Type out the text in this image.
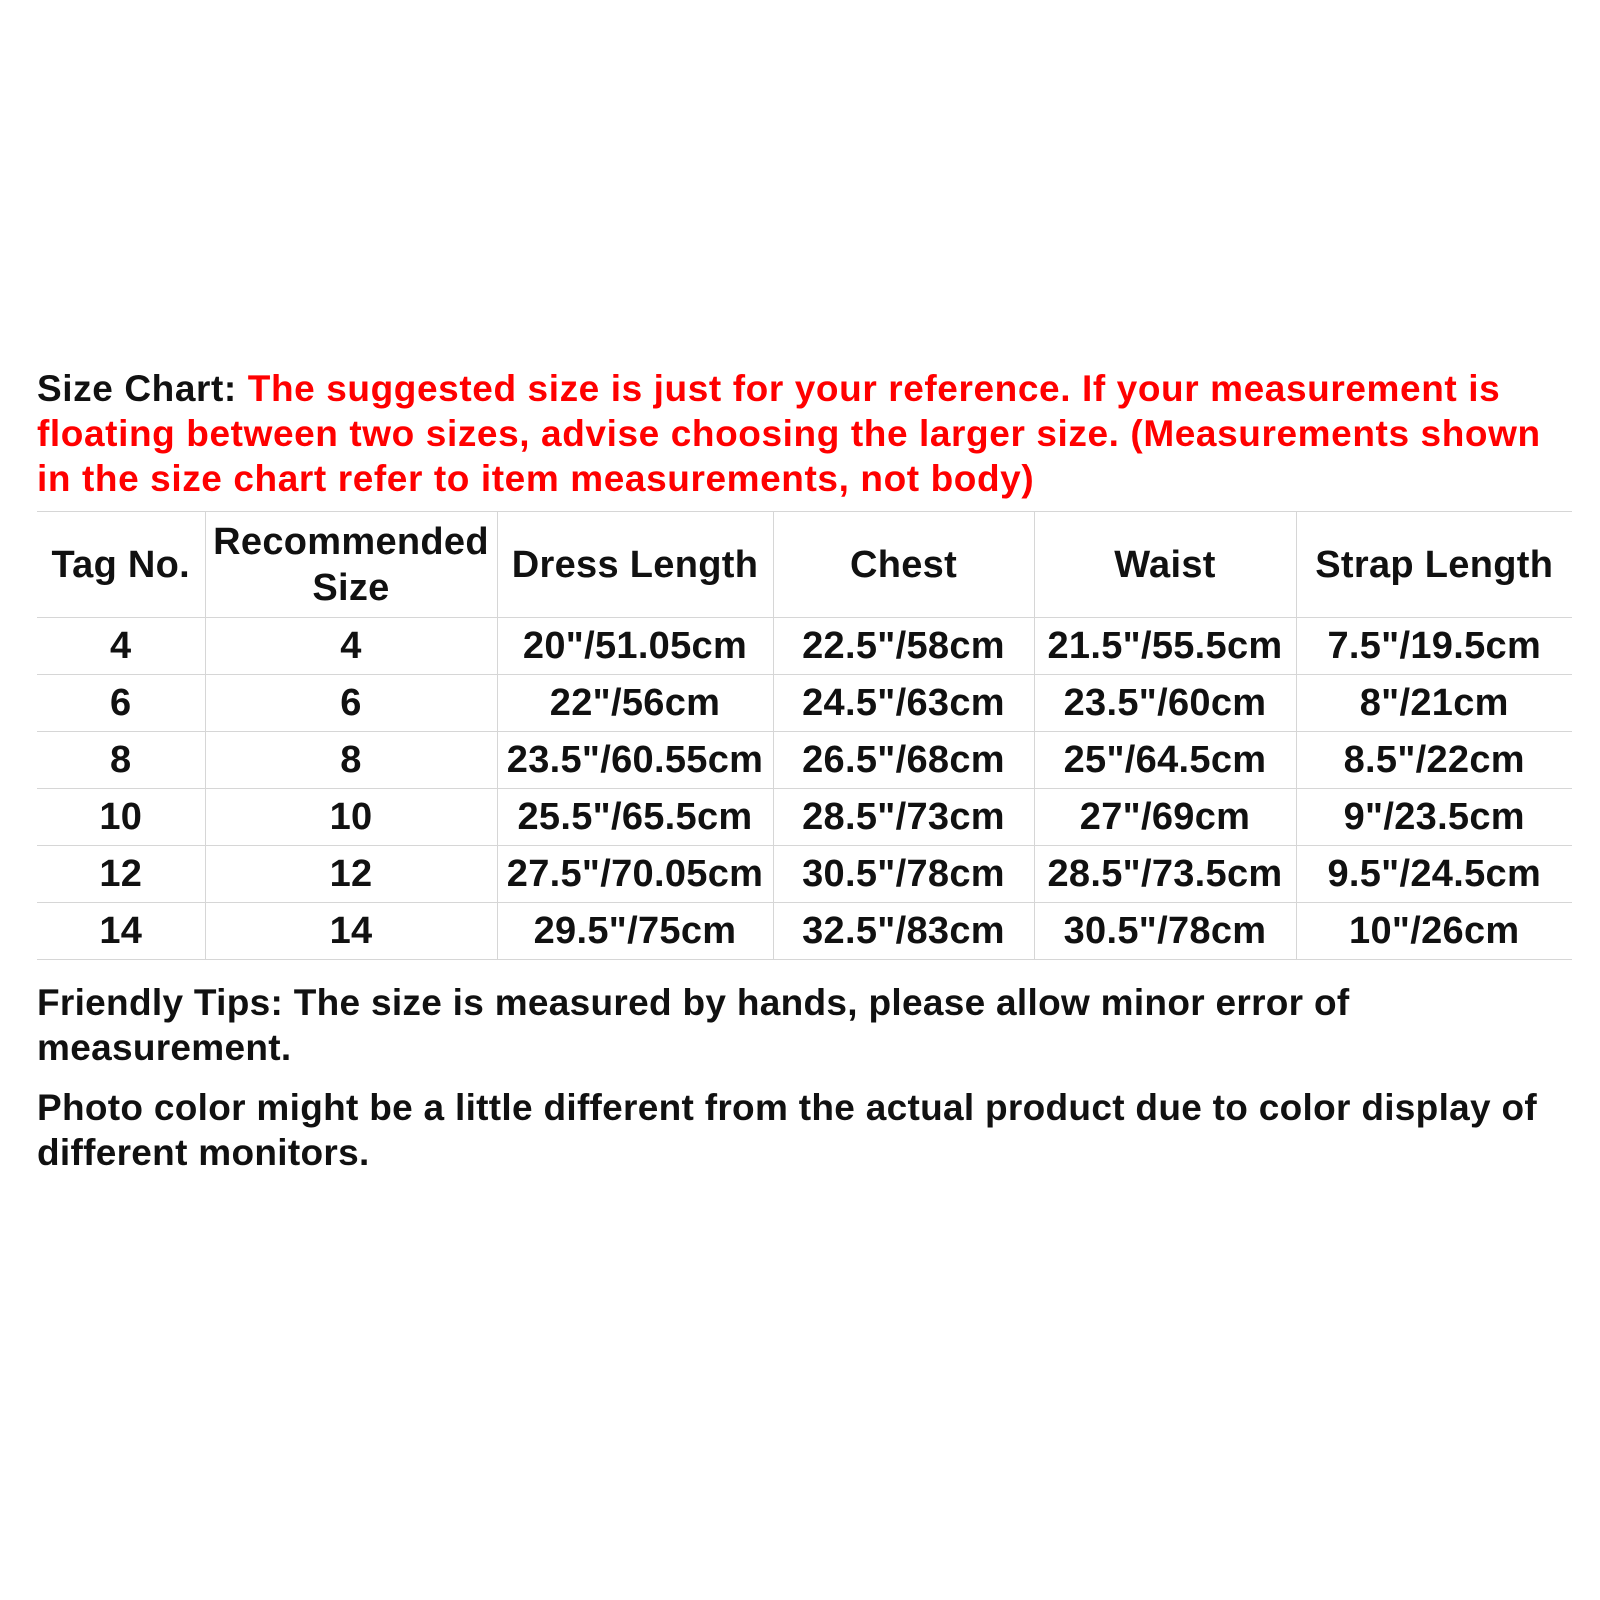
Size Chart: The suggested size is just for your reference. If your measurement is floating between two sizes, advise choosing the larger size. (Measurements shown in the size chart refer to item measurements, not body)
Tag No.	Recommended Size	Dress Length	Chest	Waist	Strap Length
4	4	20"/51.05cm	22.5"/58cm	21.5"/55.5cm	7.5"/19.5cm
6	6	22"/56cm	24.5"/63cm	23.5"/60cm	8"/21cm
8	8	23.5"/60.55cm	26.5"/68cm	25"/64.5cm	8.5"/22cm
10	10	25.5"/65.5cm	28.5"/73cm	27"/69cm	9"/23.5cm
12	12	27.5"/70.05cm	30.5"/78cm	28.5"/73.5cm	9.5"/24.5cm
14	14	29.5"/75cm	32.5"/83cm	30.5"/78cm	10"/26cm

Friendly Tips: The size is measured by hands, please allow minor error of measurement.

Photo color might be a little different from the actual product due to color display of different monitors.
